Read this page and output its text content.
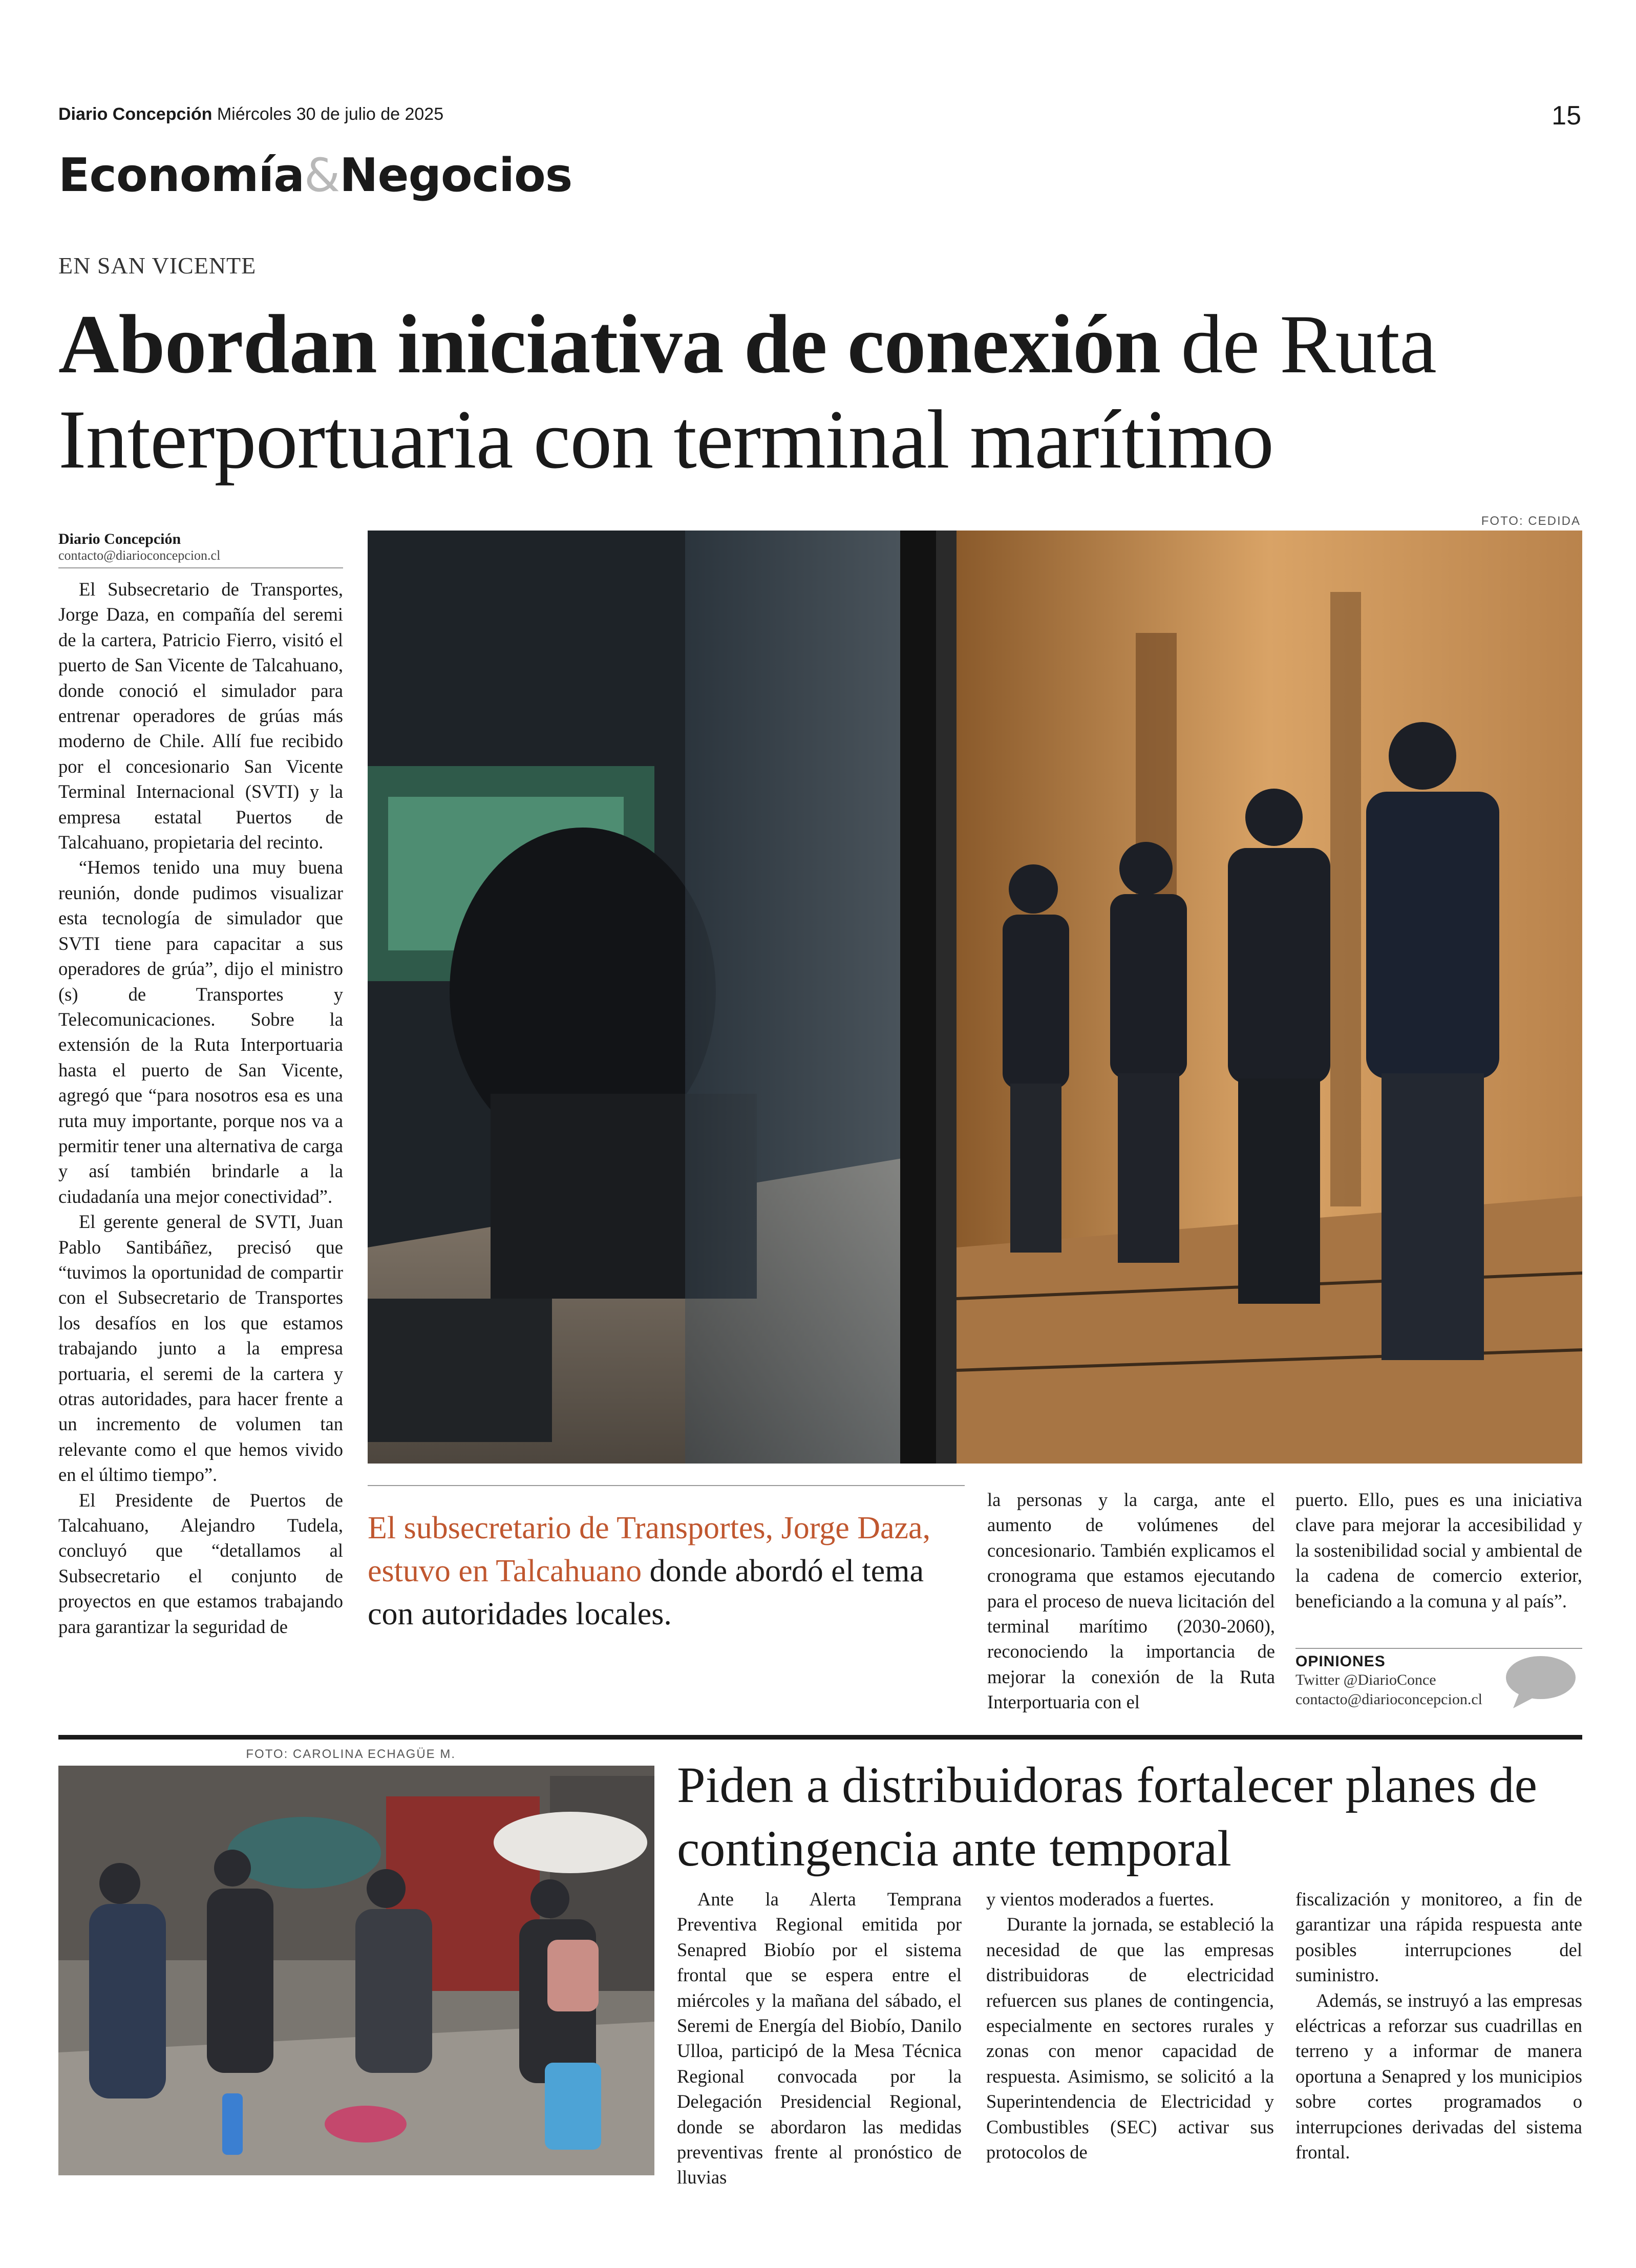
Diario Concepción Miércoles 30 de julio de 2025	15
Economía&Negocios
EN SAN VICENTE
Abordan iniciativa de conexión de Ruta Interportuaria con terminal marítimo
FOTO: CEDIDA
Diario Concepción
contacto@diarioconcepcion.cl

El Subsecretario de Transportes, Jorge Daza, en compañía del seremi de la cartera, Patricio Fierro, visitó el puerto de San Vicente de Talcahuano, donde conoció el simulador para entrenar operadores de grúas más moderno de Chile. Allí fue recibido por el concesionario San Vicente Terminal Internacional (SVTI) y la empresa estatal Puertos de Talcahuano, propietaria del recinto.

“Hemos tenido una muy buena reunión, donde pudimos visualizar esta tecnología de simulador que SVTI tiene para capacitar a sus operadores de grúa”, dijo el ministro (s) de Transportes y Telecomunicaciones. Sobre la extensión de la Ruta Interportuaria hasta el puerto de San Vicente, agregó que “para nosotros esa es una ruta muy importante, porque nos va a permitir tener una alternativa de carga y así también brindarle a la ciudadanía una mejor conectividad”.

El gerente general de SVTI, Juan Pablo Santibáñez, precisó que “tuvimos la oportunidad de compartir con el Subsecretario de Transportes los desafíos en los que estamos trabajando junto a la empresa portuaria, el seremi de la cartera y otras autoridades, para hacer frente a un incremento de volumen tan relevante como el que hemos vivido en el último tiempo”.

El Presidente de Puertos de Talcahuano, Alejandro Tudela, concluyó que “detallamos al Subsecretario el conjunto de proyectos en que estamos trabajando para garantizar la seguridad de

El subsecretario de Transportes, Jorge Daza, estuvo en Talcahuano donde abordó el tema con autoridades locales.

la personas y la carga, ante el aumento de volúmenes del concesionario. También explicamos el cronograma que estamos ejecutando para el proceso de nueva licitación del terminal marítimo (2030-2060), reconociendo la importancia de mejorar la conexión de la Ruta Interportuaria con el

puerto. Ello, pues es una iniciativa clave para mejorar la accesibilidad y la sostenibilidad social y ambiental de la cadena de comercio exterior, beneficiando a la comuna y al país”.

OPINIONES
Twitter @DiarioConce
contacto@diarioconcepcion.cl
FOTO: CAROLINA ECHAGÜE M.
Piden a distribuidoras fortalecer planes de contingencia ante temporal

Ante la Alerta Temprana Preventiva Regional emitida por Senapred Biobío por el sistema frontal que se espera entre el miércoles y la mañana del sábado, el Seremi de Energía del Biobío, Danilo Ulloa, participó de la Mesa Técnica Regional convocada por la Delegación Presidencial Regional, donde se abordaron las medidas preventivas frente al pronóstico de lluvias

y vientos moderados a fuertes.

Durante la jornada, se estableció la necesidad de que las empresas distribuidoras de electricidad refuercen sus planes de contingencia, especialmente en sectores rurales y zonas con menor capacidad de respuesta. Asimismo, se solicitó a la Superintendencia de Electricidad y Combustibles (SEC) activar sus protocolos de

fiscalización y monitoreo, a fin de garantizar una rápida respuesta ante posibles interrupciones del suministro.

Además, se instruyó a las empresas eléctricas a reforzar sus cuadrillas en terreno y a informar de manera oportuna a Senapred y los municipios sobre cortes programados o interrupciones derivadas del sistema frontal.
